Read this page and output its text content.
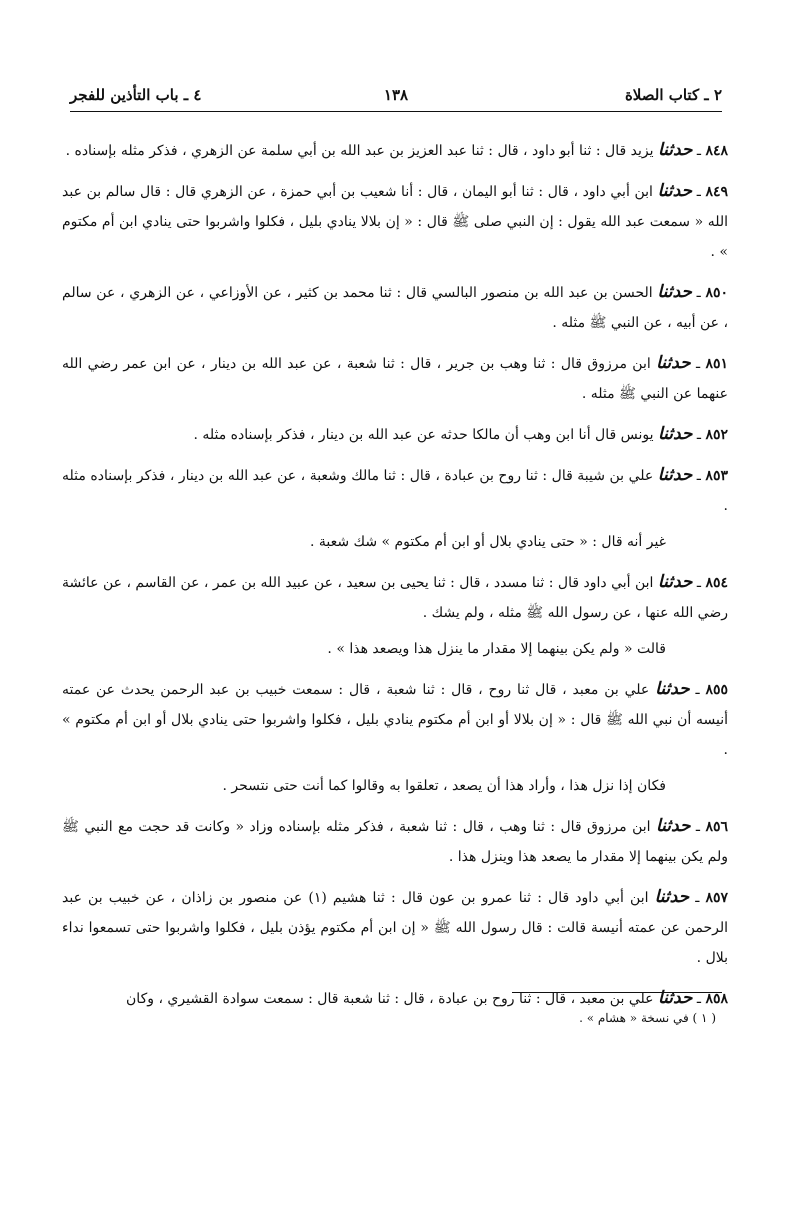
٢ ـ كتاب الصلاة
١٣٨
٤ ـ باب التأذين للفجر

٨٤٨ ـ حدثنا يزيد قال : ثنا أبو داود ، قال : ثنا عبد العزيز بن عبد الله بن أبي سلمة عن الزهري ، فذكر مثله بإسناده .

٨٤٩ ـ حدثنا ابن أبي داود ، قال : ثنا أبو اليمان ، قال : أنا شعيب بن أبي حمزة ، عن الزهري قال : قال سالم بن عبد الله « سمعت عبد الله يقول : إن النبي صلى ﷺ قال : « إن بلالا ينادي بليل ، فكلوا واشربوا حتى ينادي ابن أم مكتوم » .

٨٥٠ ـ حدثنا الحسن بن عبد الله بن منصور البالسي قال : ثنا محمد بن كثير ، عن الأوزاعي ، عن الزهري ، عن سالم ، عن أبيه ، عن النبي ﷺ مثله .

٨٥١ ـ حدثنا ابن مرزوق قال : ثنا وهب بن جرير ، قال : ثنا شعبة ، عن عبد الله بن دينار ، عن ابن عمر رضي الله عنهما عن النبي ﷺ مثله .

٨٥٢ ـ حدثنا يونس قال أنا ابن وهب أن مالكا حدثه عن عبد الله بن دينار ، فذكر بإسناده مثله .

٨٥٣ ـ حدثنا علي بن شيبة قال : ثنا روح بن عبادة ، قال : ثنا مالك وشعبة ، عن عبد الله بن دينار ، فذكر بإسناده مثله .

غير أنه قال : « حتى ينادي بلال أو ابن أم مكتوم » شك شعبة .

٨٥٤ ـ حدثنا ابن أبي داود قال : ثنا مسدد ، قال : ثنا يحيى بن سعيد ، عن عبيد الله بن عمر ، عن القاسم ، عن عائشة رضي الله عنها ، عن رسول الله ﷺ مثله ، ولم يشك .

قالت « ولم يكن بينهما إلا مقدار ما ينزل هذا ويصعد هذا » .

٨٥٥ ـ حدثنا علي بن معبد ، قال ثنا روح ، قال : ثنا شعبة ، قال : سمعت خبيب بن عبد الرحمن يحدث عن عمته أنيسه أن نبي الله ﷺ قال : « إن بلالا أو ابن أم مكتوم ينادي بليل ، فكلوا واشربوا حتى ينادي بلال أو ابن أم مكتوم » .

فكان إذا نزل هذا ، وأراد هذا أن يصعد ، تعلقوا به وقالوا كما أنت حتى نتسحر .

٨٥٦ ـ حدثنا ابن مرزوق قال : ثنا وهب ، قال : ثنا شعبة ، فذكر مثله بإسناده وزاد « وكانت قد حجت مع النبي ﷺ ولم يكن بينهما إلا مقدار ما يصعد هذا وينزل هذا .

٨٥٧ ـ حدثنا ابن أبي داود قال : ثنا عمرو بن عون قال : ثنا هشيم (١) عن منصور بن زاذان ، عن خبيب بن عبد الرحمن عن عمته أنيسة قالت : قال رسول الله ﷺ « إن ابن أم مكتوم يؤذن بليل ، فكلوا واشربوا حتى تسمعوا نداء بلال .

٨٥٨ ـ حدثنا علي بن معبد ، قال : ثنا روح بن عبادة ، قال : ثنا شعبة قال : سمعت سوادة القشيري ، وكان

( ١ ) في نسخة « هشام » .
